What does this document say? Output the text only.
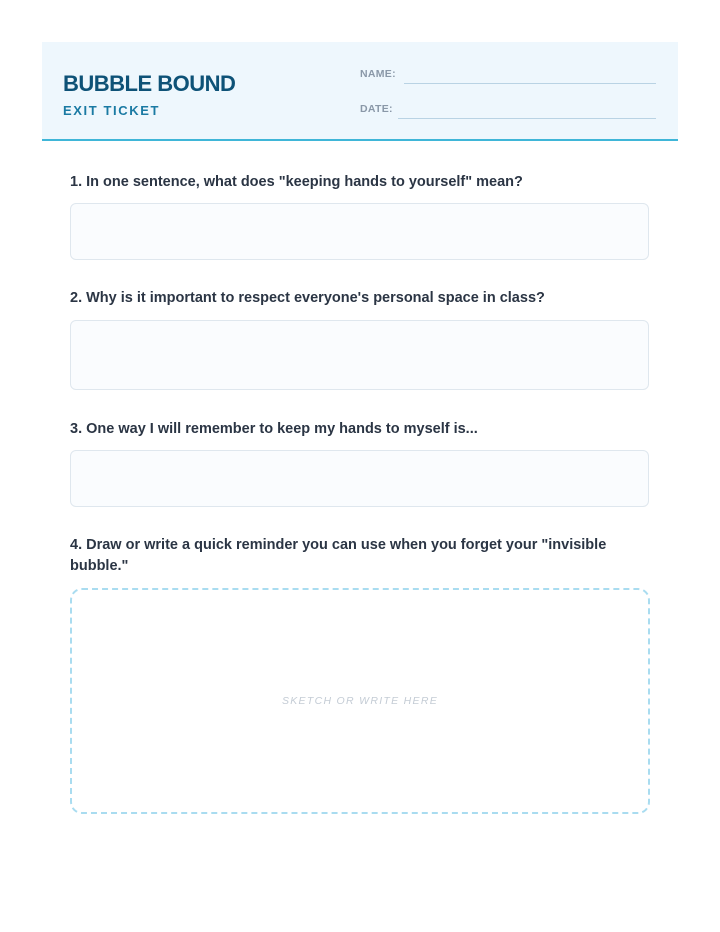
BUBBLE BOUND
EXIT TICKET
NAME:
DATE:

1. In one sentence, what does "keeping hands to yourself" mean?

2. Why is it important to respect everyone's personal space in class?

3. One way I will remember to keep my hands to myself is...

4. Draw or write a quick reminder you can use when you forget your "invisible bubble."

SKETCH OR WRITE HERE
